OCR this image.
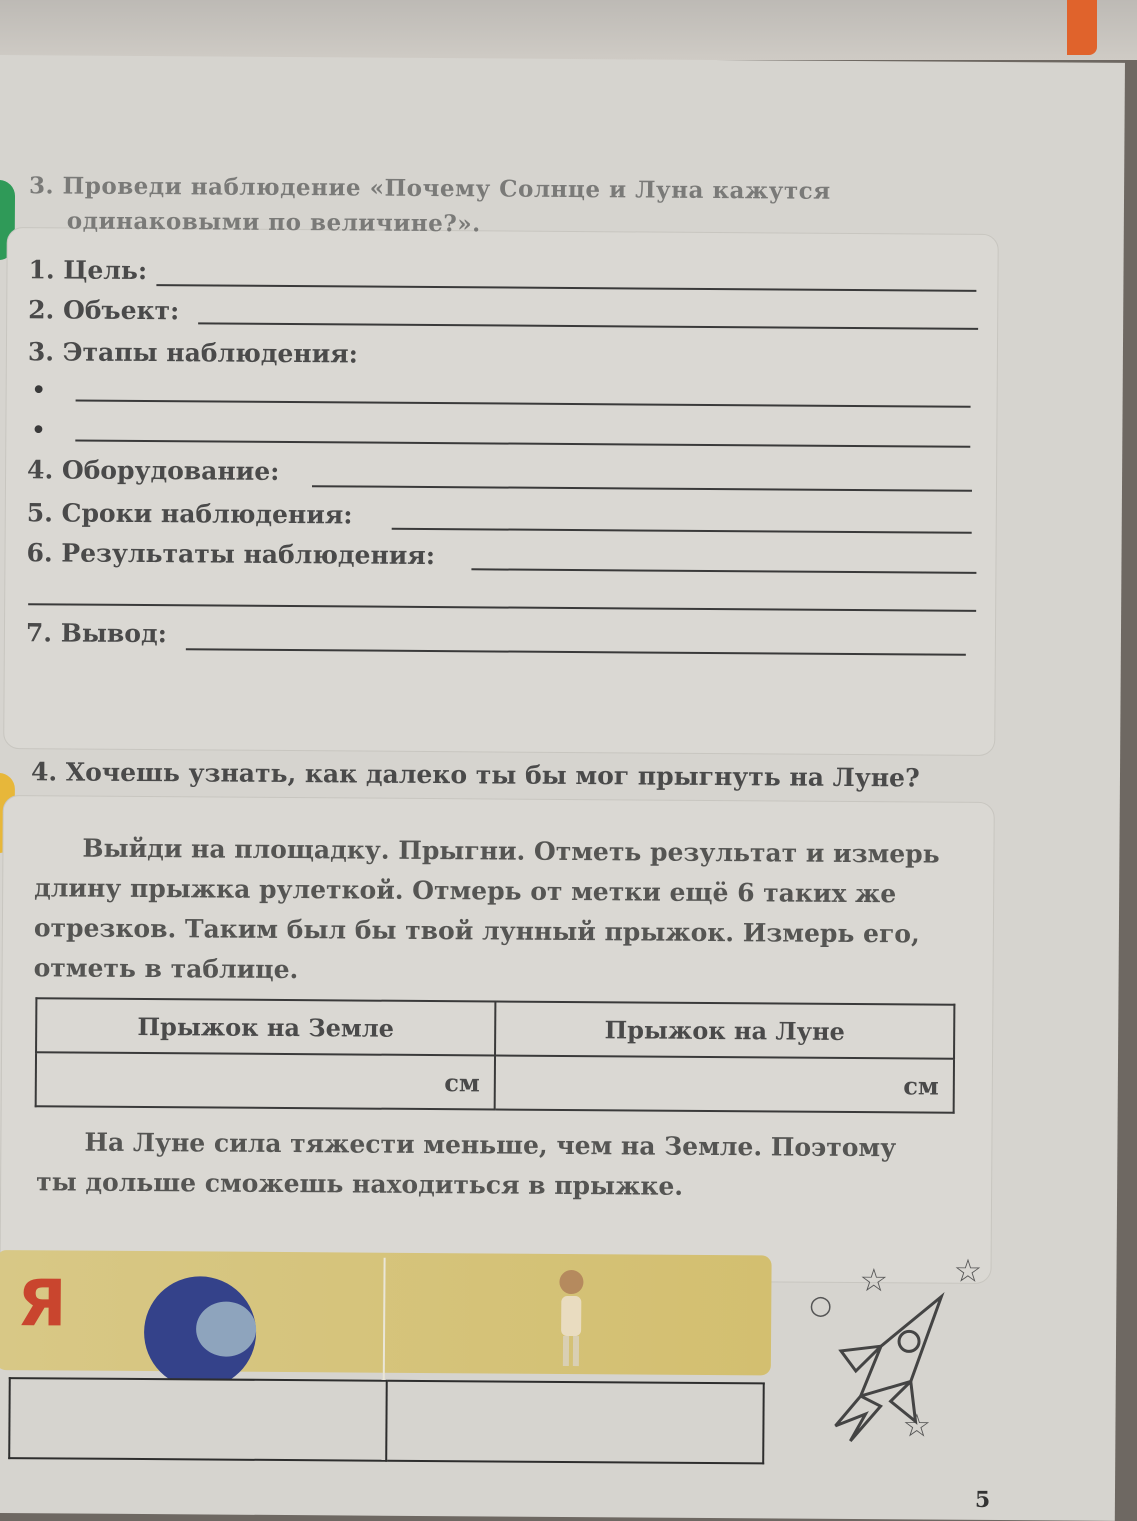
3. Проведи наблюдение «Почему Солнце и Луна кажутся
одинаковыми по величине?».
1. Цель:
2. Объект:
3. Этапы наблюдения:
•
•
4. Оборудование:
5. Сроки наблюдения:
6. Результаты наблюдения:
7. Вывод:
4. Хочешь узнать, как далеко ты бы мог прыгнуть на Луне?
Выйди на площадку. Прыгни. Отметь результат и измерь
длину прыжка рулеткой. Отмерь от метки ещё 6 таких же
отрезков. Таким был бы твой лунный прыжок. Измерь его,
отметь в таблице.
Прыжок на Земле	Прыжок на Луне
см	см
На Луне сила тяжести меньше, чем на Земле. Поэтому
ты дольше сможешь находиться в прыжке.
Я
		☆ ☆
☆
○
5
